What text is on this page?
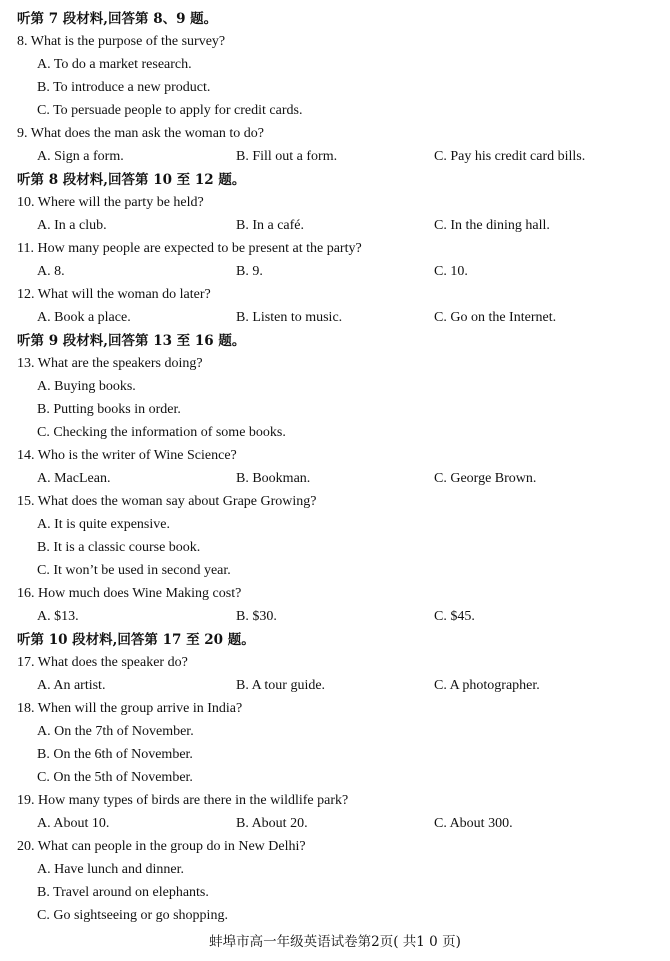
听第 7 段材料,回答第 8、9 题。
8. What is the purpose of the survey?
A. To do a market research.
B. To introduce a new product.
C. To persuade people to apply for credit cards.
9. What does the man ask the woman to do?
A. Sign a form.	B. Fill out a form.	C. Pay his credit card bills.
听第 8 段材料,回答第 10 至 12 题。
10. Where will the party be held?
A. In a club.	B. In a café.	C. In the dining hall.
11. How many people are expected to be present at the party?
A. 8.	B. 9.	C. 10.
12. What will the woman do later?
A. Book a place.	B. Listen to music.	C. Go on the Internet.
听第 9 段材料,回答第 13 至 16 题。
13. What are the speakers doing?
A. Buying books.
B. Putting books in order.
C. Checking the information of some books.
14. Who is the writer of Wine Science?
A. MacLean.	B. Bookman.	C. George Brown.
15. What does the woman say about Grape Growing?
A. It is quite expensive.
B. It is a classic course book.
C. It won’t be used in second year.
16. How much does Wine Making cost?
A. $13.	B. $30.	C. $45.
听第 10 段材料,回答第 17 至 20 题。
17. What does the speaker do?
A. An artist.	B. A tour guide.	C. A photographer.
18. When will the group arrive in India?
A. On the 7th of November.
B. On the 6th of November.
C. On the 5th of November.
19. How many types of birds are there in the wildlife park?
A. About 10.	B. About 20.	C. About 300.
20. What can people in the group do in New Delhi?
A. Have lunch and dinner.
B. Travel around on elephants.
C. Go sightseeing or go shopping.
蚌埠市高一年级英语试卷第2页( 共1 0 页)
